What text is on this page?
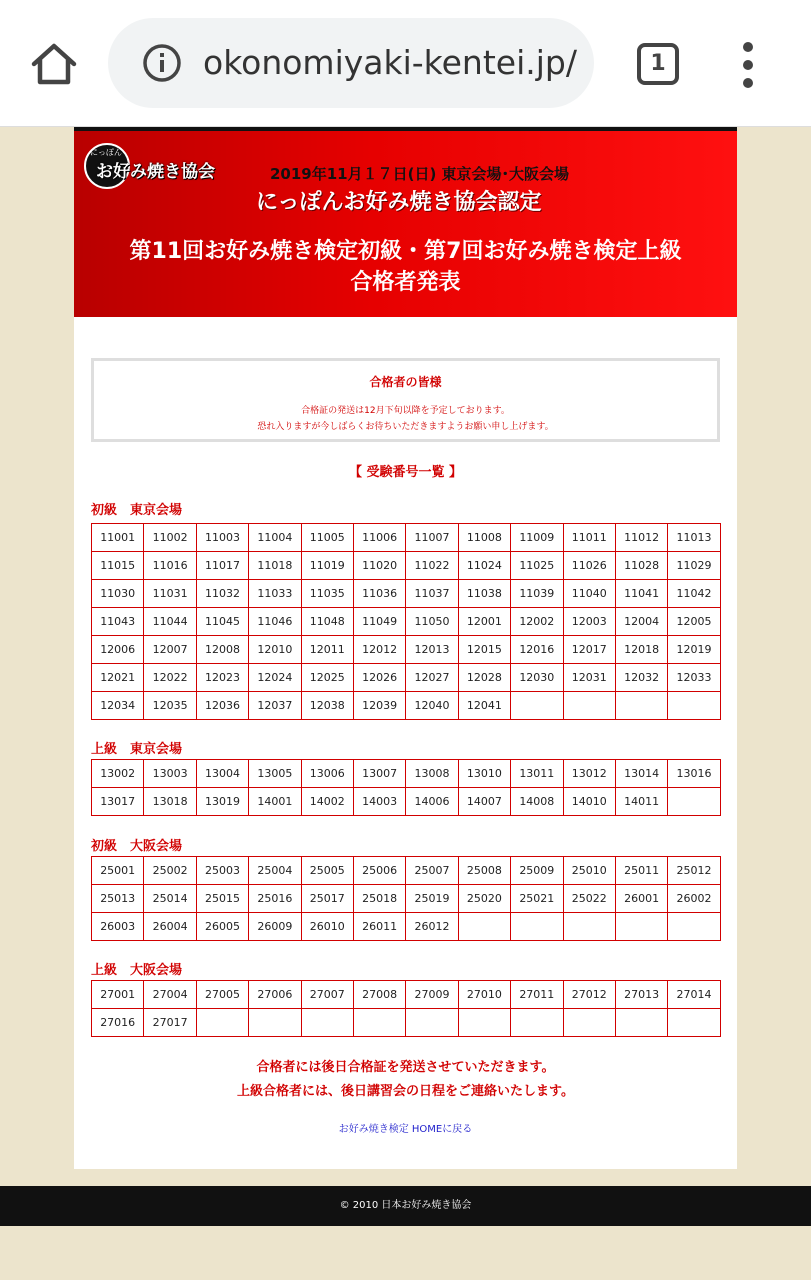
okonomiyaki-kentei.jp/	1
にっぽん
お好み焼き協会	2019年11月１７日(日) 東京会場･大阪会場
にっぽんお好み焼き協会認定
第11回お好み焼き検定初級・第7回お好み焼き検定上級
合格者発表
合格者の皆様
合格証の発送は12月下旬以降を予定しております。
恐れ入りますが今しばらくお待ちいただきますようお願い申し上げます。
【 受験番号一覧 】
初級　東京会場
11001	11002	11003	11004	11005	11006	11007	11008	11009	11011	11012	11013
11015	11016	11017	11018	11019	11020	11022	11024	11025	11026	11028	11029
11030	11031	11032	11033	11035	11036	11037	11038	11039	11040	11041	11042
11043	11044	11045	11046	11048	11049	11050	12001	12002	12003	12004	12005
12006	12007	12008	12010	12011	12012	12013	12015	12016	12017	12018	12019
12021	12022	12023	12024	12025	12026	12027	12028	12030	12031	12032	12033
12034	12035	12036	12037	12038	12039	12040	12041				
上級　東京会場
13002	13003	13004	13005	13006	13007	13008	13010	13011	13012	13014	13016
13017	13018	13019	14001	14002	14003	14006	14007	14008	14010	14011	
初級　大阪会場
25001	25002	25003	25004	25005	25006	25007	25008	25009	25010	25011	25012
25013	25014	25015	25016	25017	25018	25019	25020	25021	25022	26001	26002
26003	26004	26005	26009	26010	26011	26012					
上級　大阪会場
27001	27004	27005	27006	27007	27008	27009	27010	27011	27012	27013	27014
27016	27017										
合格者には後日合格証を発送させていただきます。
上級合格者には、後日講習会の日程をご連絡いたします。
お好み焼き検定 HOMEに戻る
© 2010 日本お好み焼き協会
